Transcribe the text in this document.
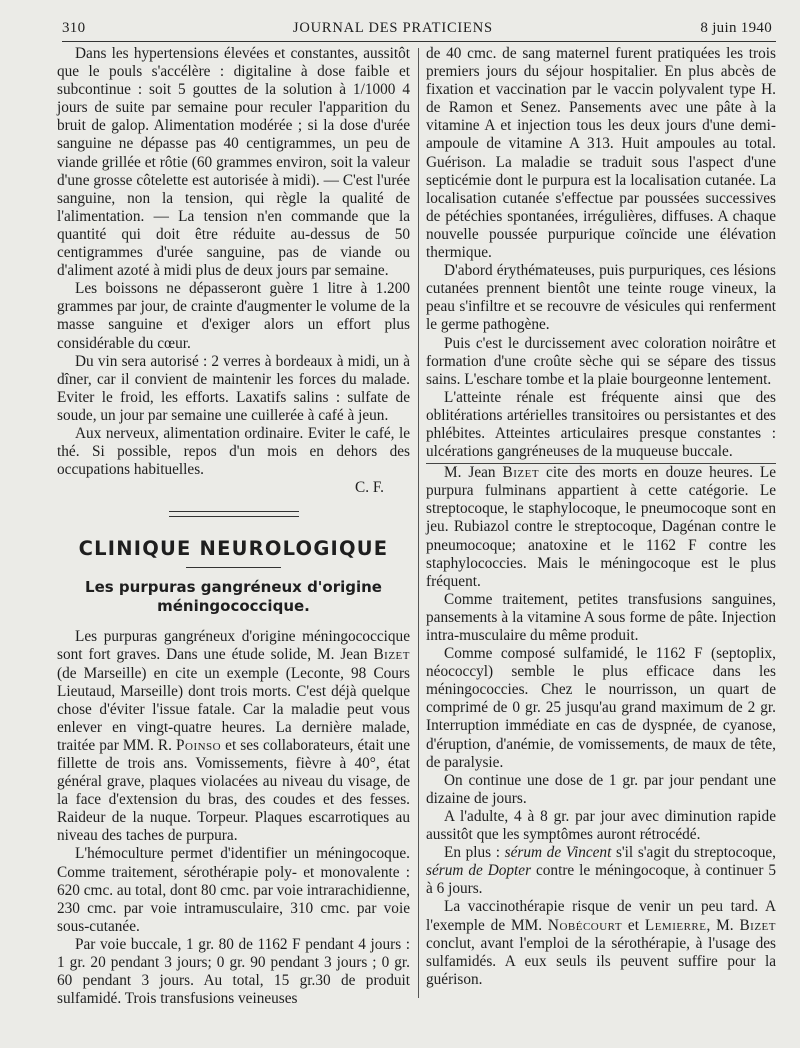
310	JOURNAL DES PRATICIENS	8 juin 1940

Dans les hypertensions élevées et constantes, aussitôt que le pouls s'accélère : digitaline à dose faible et subcontinue : soit 5 gouttes de la solution à 1/1000 4 jours de suite par semaine pour reculer l'apparition du bruit de galop. Alimentation modérée ; si la dose d'urée sanguine ne dépasse pas 40 centigrammes, un peu de viande grillée et rôtie (60 grammes environ, soit la valeur d'une grosse côtelette est autorisée à midi). — C'est l'urée sanguine, non la tension, qui règle la qualité de l'alimentation. — La tension n'en commande que la quantité qui doit être réduite au-dessus de 50 centigrammes d'urée sanguine, pas de viande ou d'aliment azoté à midi plus de deux jours par semaine.

Les boissons ne dépasseront guère 1 litre à 1.200 grammes par jour, de crainte d'augmenter le volume de la masse sanguine et d'exiger alors un effort plus considérable du cœur.

Du vin sera autorisé : 2 verres à bordeaux à midi, un à dîner, car il convient de maintenir les forces du malade. Eviter le froid, les efforts. Laxatifs salins : sulfate de soude, un jour par semaine une cuillerée à café à jeun.

Aux nerveux, alimentation ordinaire. Eviter le café, le thé. Si possible, repos d'un mois en dehors des occupations habituelles.

C. F.
CLINIQUE NEUROLOGIQUE
Les purpuras gangréneux d'origine méningococcique.

Les purpuras gangréneux d'origine méningococcique sont fort graves. Dans une étude solide, M. Jean Bizet (de Marseille) en cite un exemple (Leconte, 98 Cours Lieutaud, Marseille) dont trois morts. C'est déjà quelque chose d'éviter l'issue fatale. Car la maladie peut vous enlever en vingt-quatre heures. La dernière malade, traitée par MM. R. Poinso et ses collaborateurs, était une fillette de trois ans. Vomissements, fièvre à 40°, état général grave, plaques violacées au niveau du visage, de la face d'extension du bras, des coudes et des fesses. Raideur de la nuque. Torpeur. Plaques escarrotiques au niveau des taches de purpura.

L'hémoculture permet d'identifier un méningocoque. Comme traitement, sérothérapie poly- et monovalente : 620 cmc. au total, dont 80 cmc. par voie intrarachidienne, 230 cmc. par voie intramusculaire, 310 cmc. par voie sous-cutanée.

Par voie buccale, 1 gr. 80 de 1162 F pendant 4 jours : 1 gr. 20 pendant 3 jours; 0 gr. 90 pendant 3 jours ; 0 gr. 60 pendant 3 jours. Au total, 15 gr.30 de produit sulfamidé. Trois transfusions veineuses

de 40 cmc. de sang maternel furent pratiquées les trois premiers jours du séjour hospitalier. En plus abcès de fixation et vaccination par le vaccin polyvalent type H. de Ramon et Senez. Pansements avec une pâte à la vitamine A et injection tous les deux jours d'une demi-ampoule de vitamine A 313. Huit ampoules au total. Guérison. La maladie se traduit sous l'aspect d'une septicémie dont le purpura est la localisation cutanée. La localisation cutanée s'effectue par poussées successives de pétéchies spontanées, irrégulières, diffuses. A chaque nouvelle poussée purpurique coïncide une élévation thermique.

D'abord érythémateuses, puis purpuriques, ces lésions cutanées prennent bientôt une teinte rouge vineux, la peau s'infiltre et se recouvre de vésicules qui renferment le germe pathogène.

Puis c'est le durcissement avec coloration noirâtre et formation d'une croûte sèche qui se sépare des tissus sains. L'eschare tombe et la plaie bourgeonne lentement.

L'atteinte rénale est fréquente ainsi que des oblitérations artérielles transitoires ou persistantes et des phlébites. Atteintes articulaires presque constantes : ulcérations gangréneuses de la muqueuse buccale.

M. Jean Bizet cite des morts en douze heures. Le purpura fulminans appartient à cette catégorie. Le streptocoque, le staphylocoque, le pneumocoque sont en jeu. Rubiazol contre le streptocoque, Dagénan contre le pneumocoque; anatoxine et le 1162 F contre les staphylococcies. Mais le méningocoque est le plus fréquent.

Comme traitement, petites transfusions sanguines, pansements à la vitamine A sous forme de pâte. Injection intra-musculaire du même produit.

Comme composé sulfamidé, le 1162 F (septoplix, néococcyl) semble le plus efficace dans les méningococcies. Chez le nourrisson, un quart de comprimé de 0 gr. 25 jusqu'au grand maximum de 2 gr. Interruption immédiate en cas de dyspnée, de cyanose, d'éruption, d'anémie, de vomissements, de maux de tête, de paralysie.

On continue une dose de 1 gr. par jour pendant une dizaine de jours.

A l'adulte, 4 à 8 gr. par jour avec diminution rapide aussitôt que les symptômes auront rétrocédé.

En plus : sérum de Vincent s'il s'agit du streptocoque, sérum de Dopter contre le méningocoque, à continuer 5 à 6 jours.

La vaccinothérapie risque de venir un peu tard. A l'exemple de MM. Nobécourt et Lemierre, M. Bizet conclut, avant l'emploi de la sérothérapie, à l'usage des sulfamidés. A eux seuls ils peuvent suffire pour la guérison.
